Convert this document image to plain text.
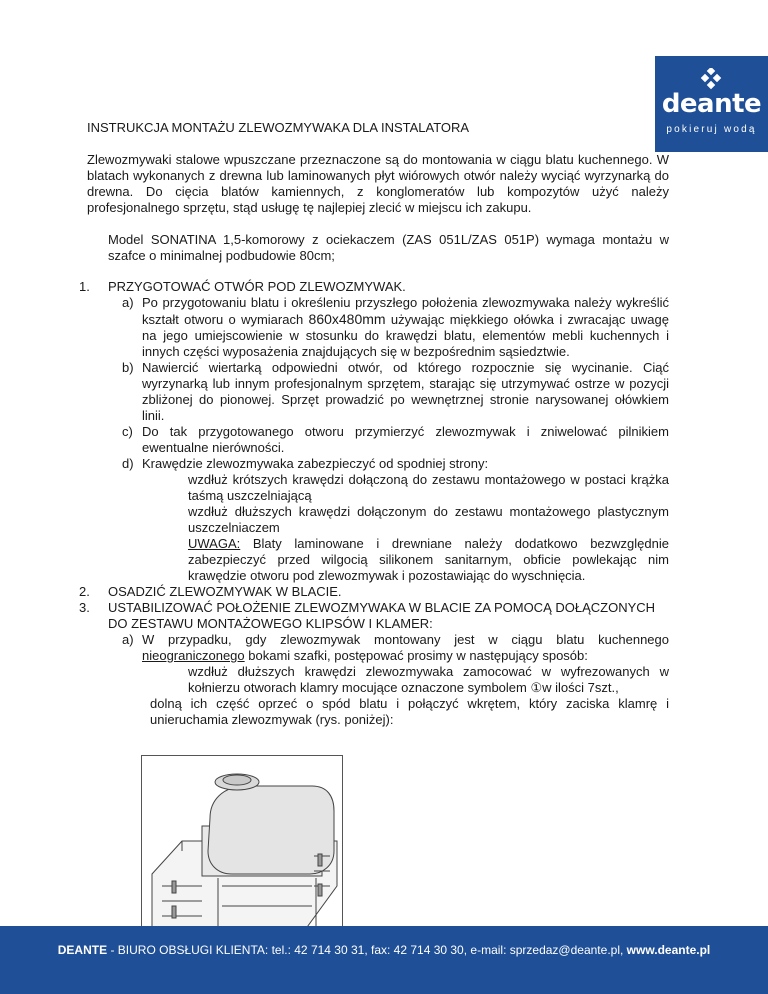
deante
pokieruj wodą
INSTRUKCJA MONTAŻU ZLEWOZMYWAKA DLA INSTALATORA

Zlewozmywaki stalowe wpuszczane przeznaczone są do montowania w ciągu blatu kuchennego. W blatach wykonanych z drewna lub laminowanych płyt wiórowych otwór należy wyciąć wyrzynarką do drewna. Do cięcia blatów kamiennych, z konglomeratów lub kompozytów użyć należy profesjonalnego sprzętu, stąd usługę tę najlepiej zlecić w miejscu ich zakupu.

Model SONATINA 1,5-komorowy z ociekaczem (ZAS 051L/ZAS 051P) wymaga montażu w szafce o minimalnej podbudowie 80cm;

1. PRZYGOTOWAĆ OTWÓR POD ZLEWOZMYWAK.
a) Po przygotowaniu blatu i określeniu przyszłego położenia zlewozmywaka należy wykreślić kształt otworu o wymiarach 860x480mm używając miękkiego ołówka i zwracając uwagę na jego umiejscowienie w stosunku do krawędzi blatu, elementów mebli kuchennych i innych części wyposażenia znajdujących się w bezpośrednim sąsiedztwie.
b) Nawiercić wiertarką odpowiedni otwór, od którego rozpocznie się wycinanie. Ciąć wyrzynarką lub innym profesjonalnym sprzętem, starając się utrzymywać ostrze w pozycji zbliżonej do pionowej. Sprzęt prowadzić po wewnętrznej stronie narysowanej ołówkiem linii.
c) Do tak przygotowanego otworu przymierzyć zlewozmywak i zniwelować pilnikiem ewentualne nierówności.
d) Krawędzie zlewozmywaka zabezpieczyć od spodniej strony:
wzdłuż krótszych krawędzi dołączoną do zestawu montażowego w postaci krążka taśmą uszczelniającą
wzdłuż dłuższych krawędzi dołączonym do zestawu montażowego plastycznym uszczelniaczem
UWAGA: Blaty laminowane i drewniane należy dodatkowo bezwzględnie zabezpieczyć przed wilgocią silikonem sanitarnym, obficie powlekając nim krawędzie otworu pod zlewozmywak i pozostawiając do wyschnięcia.
2. OSADZIĆ ZLEWOZMYWAK W BLACIE.
3. USTABILIZOWAĆ POŁOŻENIE ZLEWOZMYWAKA W BLACIE ZA POMOCĄ DOŁĄCZONYCH DO ZESTAWU MONTAŻOWEGO KLIPSÓW I KLAMER:
a) W przypadku, gdy zlewozmywak montowany jest w ciągu blatu kuchennego nieograniczonego bokami szafki, postępować prosimy w następujący sposób:
wzdłuż dłuższych krawędzi zlewozmywaka zamocować w wyfrezowanych w kołnierzu otworach klamry mocujące oznaczone symbolem ①w ilości 7szt.,
dolną ich część oprzeć o spód blatu i połączyć wkrętem, który zaciska klamrę i unieruchamia zlewozmywak (rys. poniżej):
DEANTE - BIURO OBSŁUGI KLIENTA: tel.: 42 714 30 31, fax: 42 714 30 30, e-mail: sprzedaz@deante.pl, www.deante.pl
